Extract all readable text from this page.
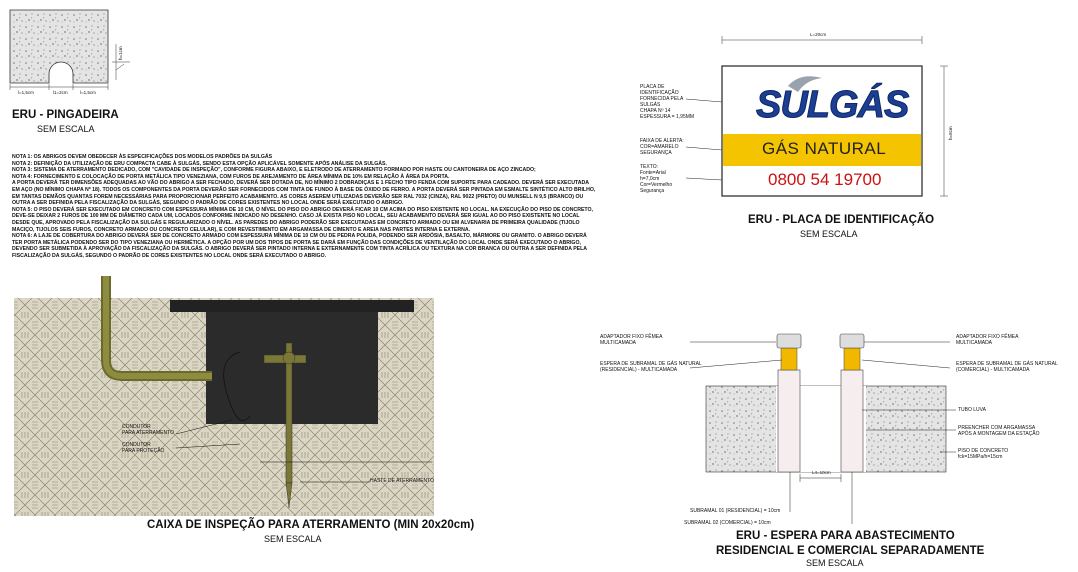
l=1,5cm	l1=2cm	l=1,5cm
h=1cm
ERU - PINGADEIRA
SEM ESCALA
NOTA 1: OS ABRIGOS DEVEM OBEDECER ÀS ESPECIFICAÇÕES DOS MODELOS PADRÕES DA SULGÁS
NOTA 2: DEFINIÇÃO DA UTILIZAÇÃO DE ERU COMPACTA CABE À SULGÁS, SENDO ESTA OPÇÃO APLICÁVEL SOMENTE APÓS ANÁLISE DA SULGÁS.
NOTA 3: SISTEMA DE ATERRAMENTO DEDICADO, COM "CAVIDADE DE INSPEÇÃO", CONFORME FIGURA ABAIXO, E ELETRODO DE ATERRAMENTO FORMADO POR HASTE OU CANTONEIRA DE AÇO ZINCADO;
NOTA 4: FORNECIMENTO E COLOCAÇÃO DE PORTA METÁLICA TIPO VENEZIANA, COM FUROS DE AREJAMENTO DE ÁREA MÍNIMA DE 10% EM RELAÇÃO À ÁREA DA PORTA.
A PORTA DEVERÁ TER DIMENSÕES ADEQUADAS AO VÃO DO ABRIGO A SER FECHADO, DEVERÁ SER DOTADA DE, NO MÍNIMO 2 DOBRADIÇAS E 1 FECHO TIPO FENDA COM SUPORTE PARA CADEADO. DEVERÁ SER EXECUTADA
EM AÇO (NO MÍNIMO CHAPA Nº 18). TODOS OS COMPONENTES DA PORTA DEVERÃO SER FORNECIDOS COM TINTA DE FUNDO À BASE DE ÓXIDO DE FERRO. A PORTA DEVERÁ SER PINTADA EM ESMALTE SINTÉTICO ALTO BRILHO,
EM TANTAS DEMÃOS QUANTAS FOREM NECESSÁRIAS PARA PROPORCIONAR PERFEITO ACABAMENTO. AS CORES ASEREM UTILIZADAS DEVERÃO SER RAL 7032 (CINZA), RAL 9022 (PRETO) OU MUNSELL N 9,5 (BRANCO) OU
OUTRA A SER DEFINIDA PELA FISCALIZAÇÃO DA SULGÁS, SEGUNDO O PADRÃO DE CORES EXISTENTES NO LOCAL ONDE SERÁ EXECUTADO O ABRIGO.
NOTA 5: O PISO DEVERÁ SER EXECUTADO EM CONCRETO COM ESPESSURA MÍNIMA DE 10 CM, O NÍVEL DO PISO DO ABRIGO DEVERÁ FICAR 10 CM ACIMA DO PISO EXISTENTE NO LOCAL. NA EXECUÇÃO DO PISO DE CONCRETO,
DEVE-SE DEIXAR 2 FUROS DE 100 MM DE DIÂMETRO CADA UM, LOCADOS CONFORME INDICADO NO DESENHO. CASO JÁ EXISTA PISO NO LOCAL, SEU ACABAMENTO DEVERÁ SER IGUAL AO DO PISO EXISTENTE NO LOCAL
DESDE QUE, APROVADO PELA FISCALIZAÇÃO DA SULGÁS E REGULARIZADO O NÍVEL. AS PAREDES DO ABRIGO PODERÃO SER EXECUTADAS EM CONCRETO ARMADO OU EM ALVENARIA DE PRIMEIRA QUALIDADE (TIJOLO
MACIÇO, TIJOLOS SEIS FUROS, CONCRETO ARMADO OU CONCRETO CELULAR), E COM REVESTIMENTO EM ARGAMASSA DE CIMENTO E AREIA NAS PARTES INTERNA E EXTERNA.
NOTA 6: A LAJE DE COBERTURA DO ABRIGO DEVERÁ SER DE CONCRETO ARMADO COM ESPESSURA MÍNIMA DE 10 CM OU DE PEDRA POLIDA, PODENDO SER ARDÓSIA, BASALTO, MÁRMORE OU GRANITO. O ABRIGO DEVERÁ
TER PORTA METÁLICA PODENDO SER DO TIPO VENEZIANA OU HERMÉTICA. A OPÇÃO POR UM DOS TIPOS DE PORTA SE DARÁ EM FUNÇÃO DAS CONDIÇÕES DE VENTILAÇÃO DO LOCAL ONDE SERÁ EXECUTADO O ABRIGO,
DEVENDO SER SUBMETIDA À APROVAÇÃO DA FISCALIZAÇÃO DA SULGÁS. O ABRIGO DEVERÁ SER PINTADO INTERNA E EXTERNAMENTE COM TINTA ACRÍLICA OU TEXTURA NA COR BRANCA OU OUTRA A SER DEFINIDA PELA
FISCALIZAÇÃO DA SULGÁS, SEGUNDO O PADRÃO DE CORES EXISTENTES NO LOCAL ONDE SERÁ EXECUTADO O ABRIGO.
CONDUTOR
PARA ATERRAMENTO
CONDUTOR
PARA PROTEÇÃO
HASTE DE ATERRAMENTO
CAIXA DE INSPEÇÃO PARA ATERRAMENTO (MIN 20x20cm)
SEM ESCALA
L=20cm
h=8cm
PLACA DE
IDENTIFICAÇÃO
FORNECIDA PELA
SULGÁS
CHAPA Nº 14
ESPESSURA = 1,95MM
FAIXA DE ALERTA:
COR=AMARELO
SEGURANÇA
TEXTO:
Fonte=Arial
h=7,0cm
Cor=Vermelho
Segurança
SULGÁS
GÁS NATURAL
0800 54 19700
ERU - PLACA DE IDENTIFICAÇÃO
SEM ESCALA
ADAPTADOR FIXO FÊMEA
MULTICAMADA
ADAPTADOR FIXO FÊMEA
MULTICAMADA
ESPERA DE SUBRAMAL DE GÁS NATURAL
(RESIDENCIAL) - MULTICAMADA
ESPERA DE SUBRAMAL DE GÁS NATURAL
(COMERCIAL) - MULTICAMADA
TUBO LUVA
PREENCHER COM ARGAMASSA
APÓS A MONTAGEM DA ESTAÇÃO
PISO DE CONCRETO
fck=15MPa/h=15cm
L4=10cm
SUBRAMAL 01 (RESIDENCIAL) = 10cm
SUBRAMAL 02 (COMERCIAL) = 10cm
ERU - ESPERA PARA ABASTECIMENTO
RESIDENCIAL E COMERCIAL SEPARADAMENTE
SEM ESCALA
